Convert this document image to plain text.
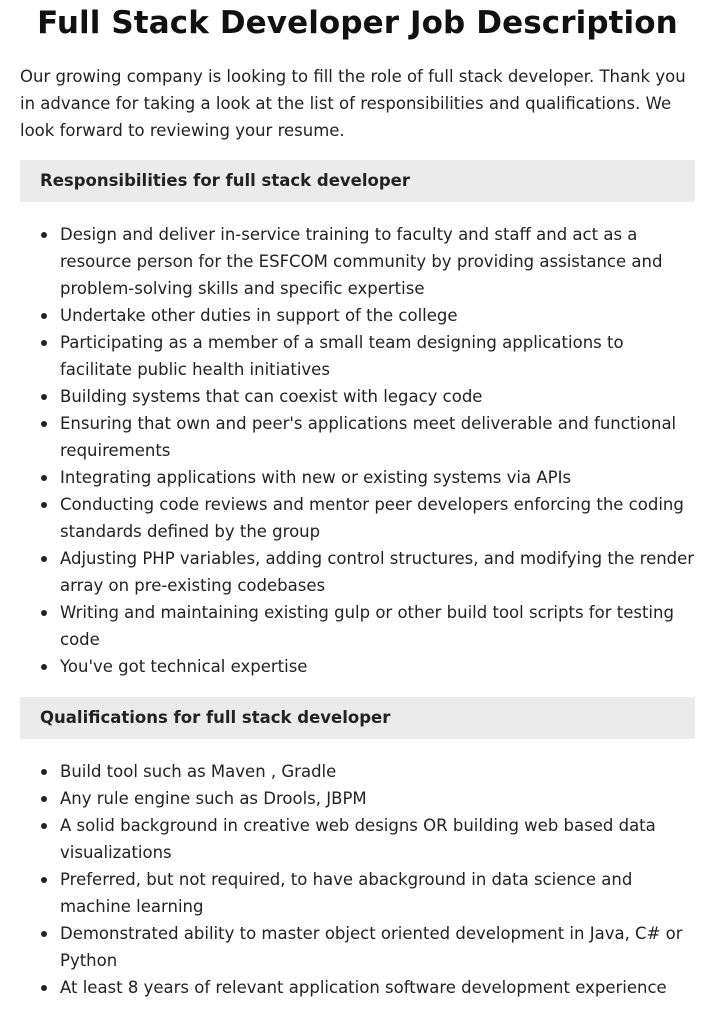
Full Stack Developer Job Description

Our growing company is looking to fill the role of full stack developer. Thank you in advance for taking a look at the list of responsibilities and qualifications. We look forward to reviewing your resume.

Responsibilities for full stack developer
Design and deliver in-service training to faculty and staff and act as a resource person for the ESFCOM community by providing assistance and problem-solving skills and specific expertise
Undertake other duties in support of the college
Participating as a member of a small team designing applications to facilitate public health initiatives
Building systems that can coexist with legacy code
Ensuring that own and peer's applications meet deliverable and functional requirements
Integrating applications with new or existing systems via APIs
Conducting code reviews and mentor peer developers enforcing the coding standards defined by the group
Adjusting PHP variables, adding control structures, and modifying the render array on pre-existing codebases
Writing and maintaining existing gulp or other build tool scripts for testing code
You've got technical expertise
Qualifications for full stack developer
Build tool such as Maven , Gradle
Any rule engine such as Drools, JBPM
A solid background in creative web designs OR building web based data visualizations
Preferred, but not required, to have abackground in data science and machine learning
Demonstrated ability to master object oriented development in Java, C# or Python
At least 8 years of relevant application software development experience
